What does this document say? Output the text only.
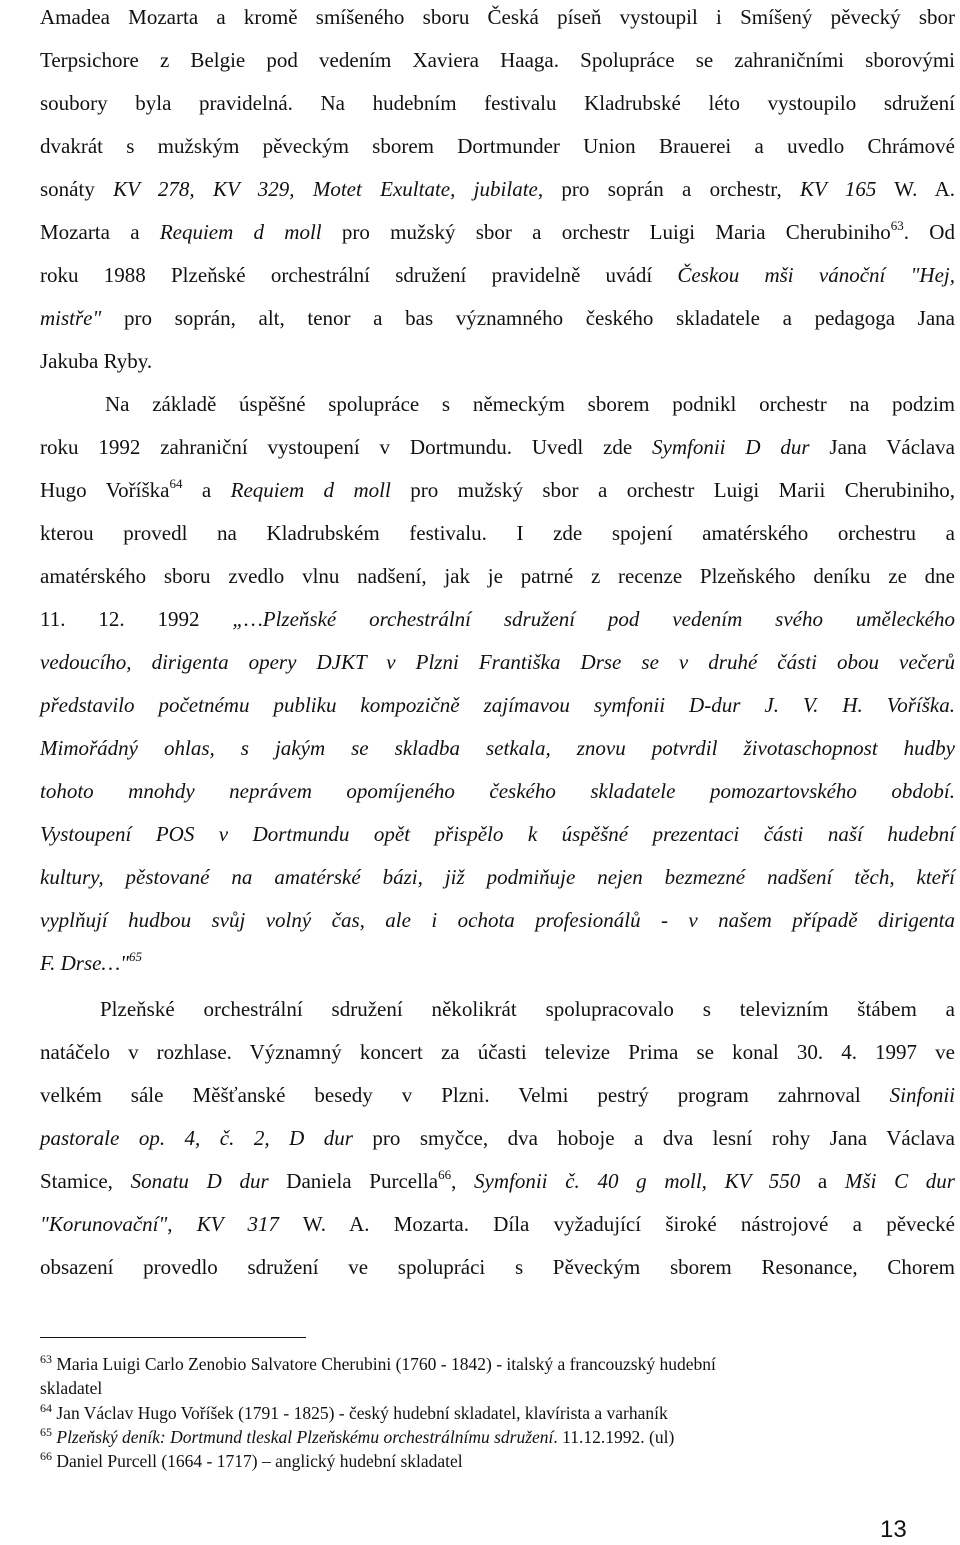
Amadea Mozarta a kromě smíšeného sboru Česká píseň vystoupil i Smíšený pěvecký sbor
Terpsichore z Belgie pod vedením Xaviera Haaga. Spolupráce se zahraničními sborovými
soubory byla pravidelná. Na hudebním festivalu Kladrubské léto vystoupilo sdružení
dvakrát s mužským pěveckým sborem Dortmunder Union Brauerei a uvedlo Chrámové
sonáty KV 278, KV 329, Motet Exultate, jubilate, pro soprán a orchestr, KV 165 W. A.
Mozarta a Requiem d moll pro mužský sbor a orchestr Luigi Maria Cherubiniho$^{63}$. Od
roku 1988 Plzeňské orchestrální sdružení pravidelně uvádí Českou mši vánoční "Hej,
mistře" pro soprán, alt, tenor a bas významného českého skladatele a pedagoga Jana
Jakuba Ryby.
Na základě úspěšné spolupráce s německým sborem podnikl orchestr na podzim
roku 1992 zahraniční vystoupení v Dortmundu. Uvedl zde Symfonii D dur Jana Václava
Hugo Voříška$^{64}$ a Requiem d moll pro mužský sbor a orchestr Luigi Marii Cherubiniho,
kterou provedl na Kladrubském festivalu. I zde spojení amatérského orchestru a
amatérského sboru zvedlo vlnu nadšení, jak je patrné z recenze Plzeňského deníku ze dne
11. 12. 1992 „…Plzeňské orchestrální sdružení pod vedením svého uměleckého
vedoucího, dirigenta opery DJKT v Plzni Františka Drse se v druhé části obou večerů
představilo početnému publiku kompozičně zajímavou symfonii D-dur J. V. H. Voříška.
Mimořádný ohlas, s jakým se skladba setkala, znovu potvrdil životaschopnost hudby
tohoto mnohdy neprávem opomíjeného českého skladatele pomozartovského období.
Vystoupení POS v Dortmundu opět přispělo k úspěšné prezentaci části naší hudební
kultury, pěstované na amatérské bázi, již podmiňuje nejen bezmezné nadšení těch, kteří
vyplňují hudbou svůj volný čas, ale i ochota profesionálů - v našem případě dirigenta
F. Drse…"$^{65}$
Plzeňské orchestrální sdružení několikrát spolupracovalo s televizním štábem a
natáčelo v rozhlase. Významný koncert za účasti televize Prima se konal 30. 4. 1997 ve
velkém sále Měšťanské besedy v Plzni. Velmi pestrý program zahrnoval Sinfonii
pastorale op. 4, č. 2, D dur pro smyčce, dva hoboje a dva lesní rohy Jana Václava
Stamice, Sonatu D dur Daniela Purcella$^{66}$, Symfonii č. 40 g moll, KV 550 a Mši C dur
"Korunovační", KV 317 W. A. Mozarta. Díla vyžadující široké nástrojové a pěvecké
obsazení provedlo sdružení ve spolupráci s Pěveckým sborem Resonance, Chorem
$^{63}$ Maria Luigi Carlo Zenobio Salvatore Cherubini (1760 - 1842) - italský a francouzský hudební
skladatel
$^{64}$ Jan Václav Hugo Voříšek (1791 - 1825) - český hudební skladatel, klavírista a varhaník
$^{65}$ Plzeňský deník: Dortmund tleskal Plzeňskému orchestrálnímu sdružení. 11.12.1992. (ul)
$^{66}$ Daniel Purcell (1664 - 1717) – anglický hudební skladatel
13
